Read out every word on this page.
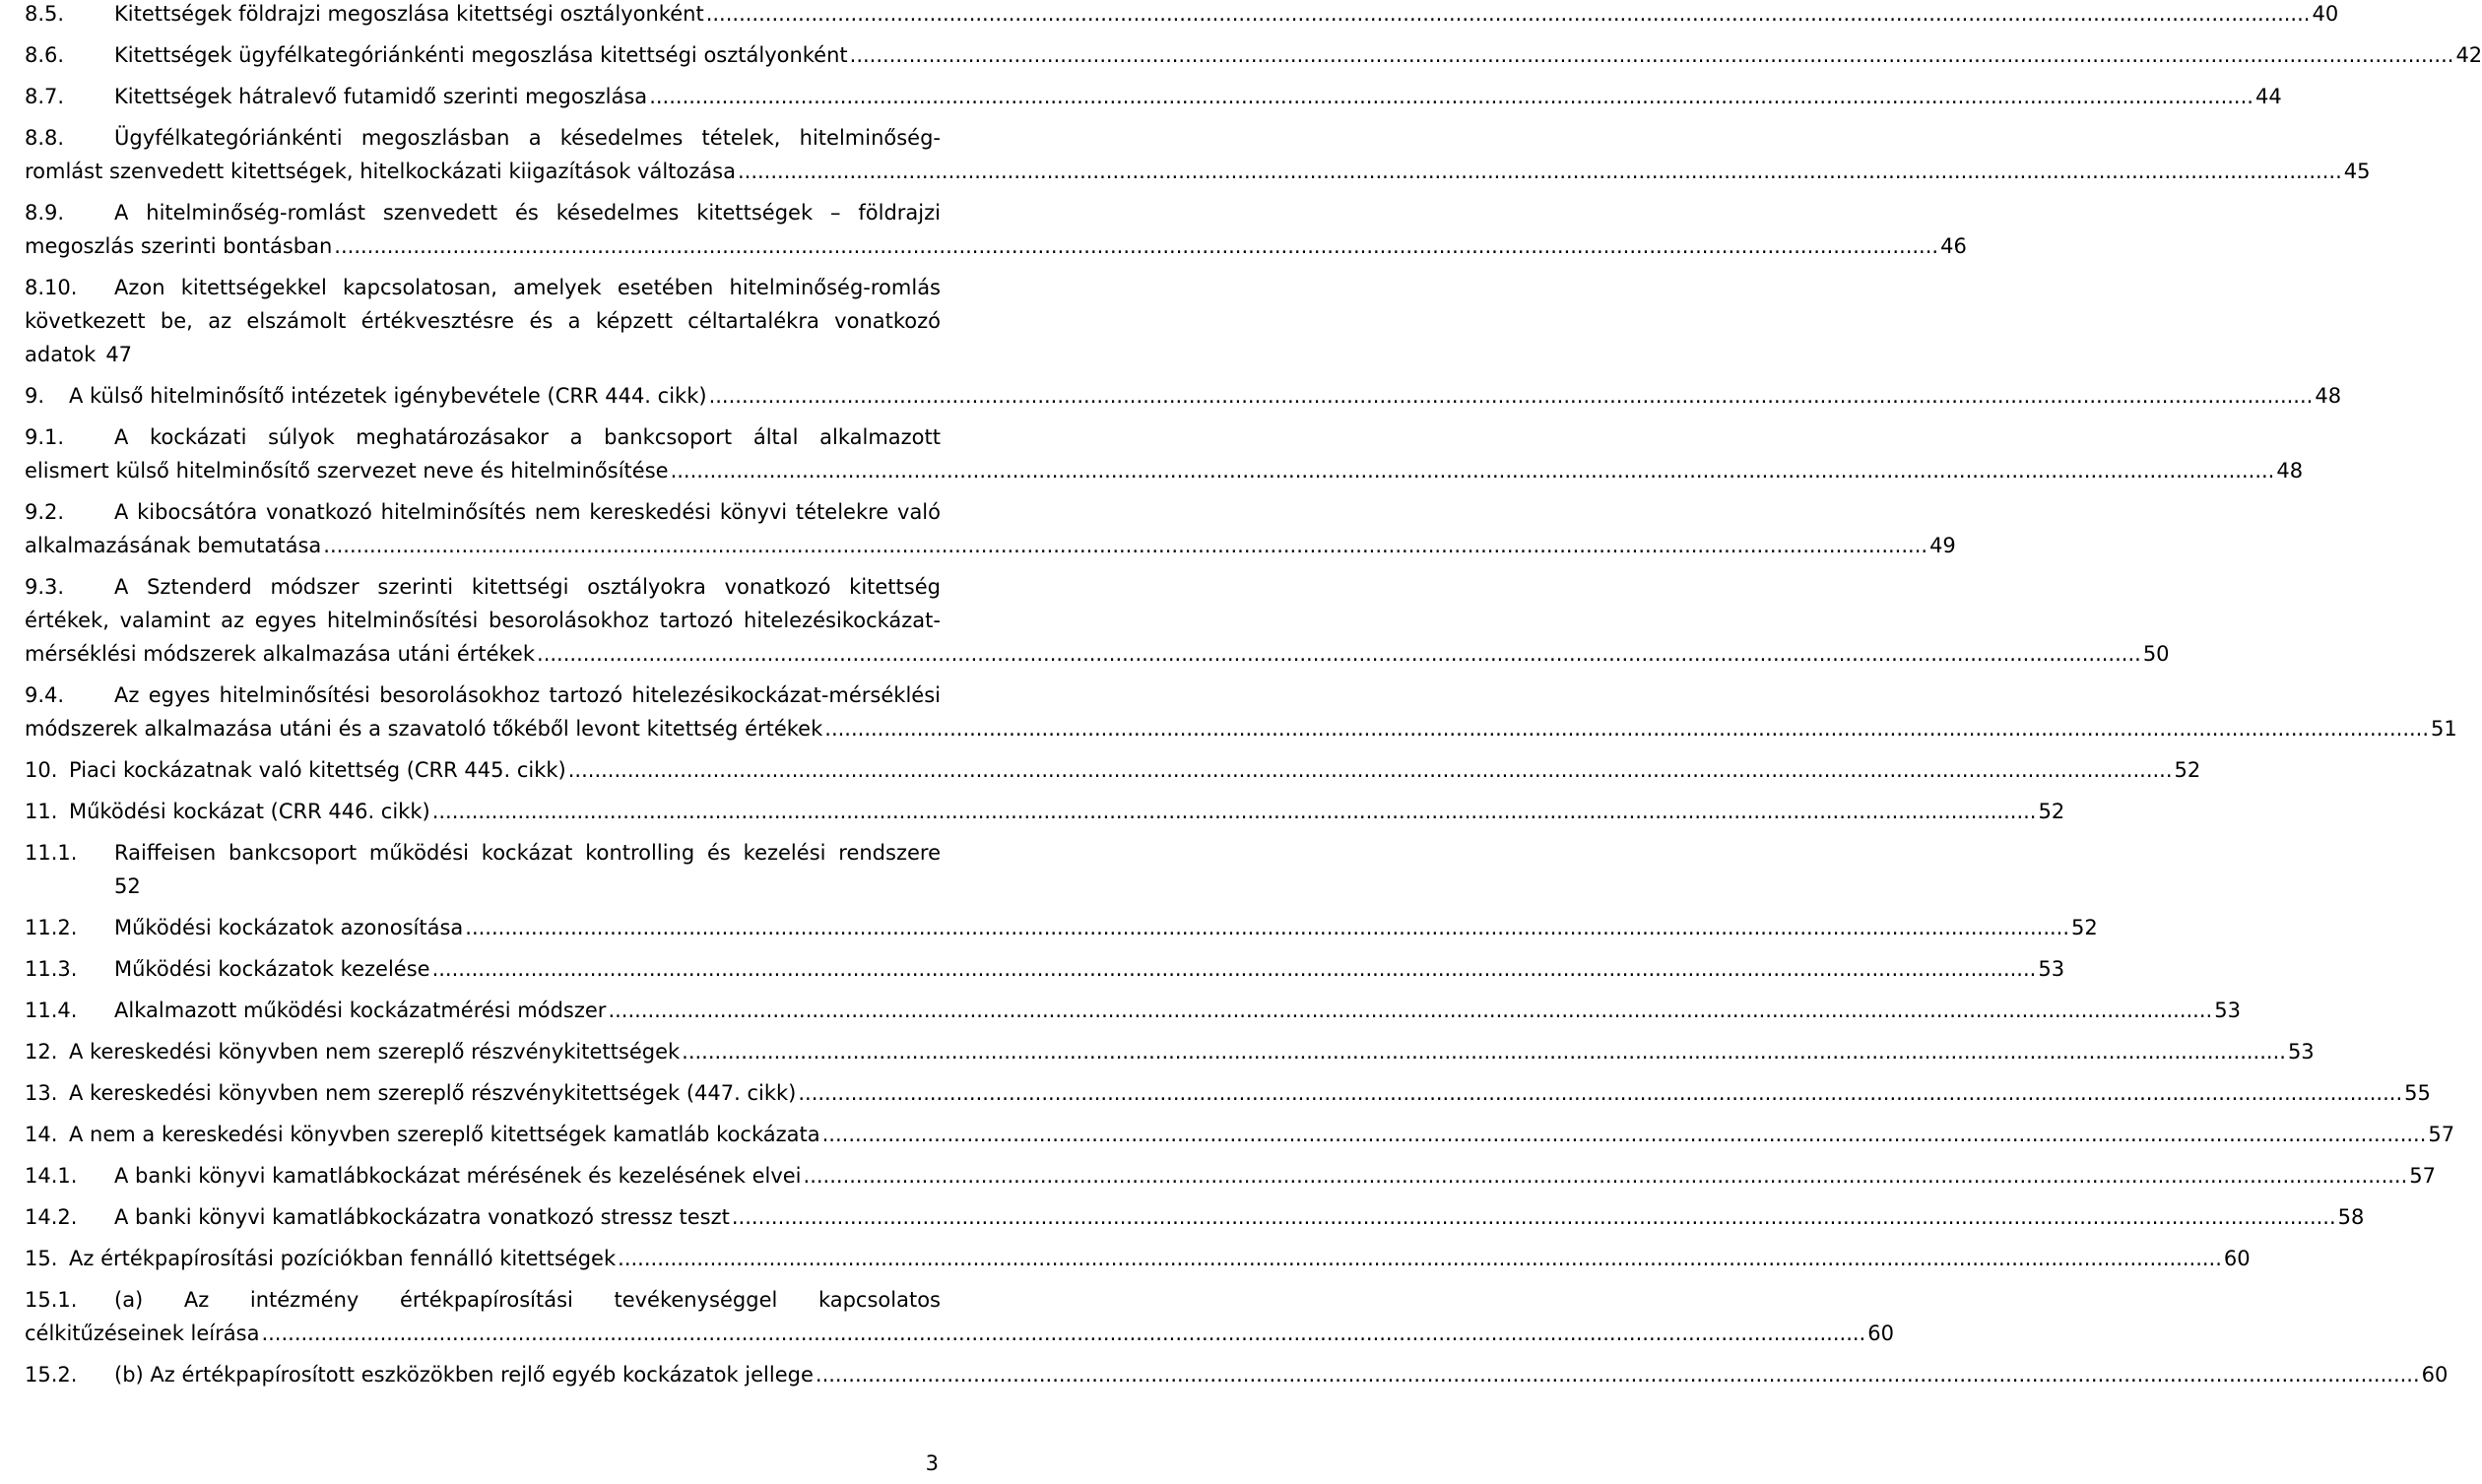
8.5.	Kitettségek földrajzi megoszlása kitettségi osztályonként .....	40
8.6.	Kitettségek ügyfélkategóriánkénti megoszlása kitettségi osztályonként .....	42
8.7.	Kitettségek hátralevő futamidő szerinti megoszlása .....	44
8.8. Ügyfélkategóriánkénti megoszlásban a késedelmes tételek, hitelminőség-
romlást szenvedett kitettségek, hitelkockázati kiigazítások változása .....	45
8.9. A hitelminőség-romlást szenvedett és késedelmes kitettségek – földrajzi
megoszlás szerinti bontásban .....	46
8.10. Azon kitettségekkel kapcsolatosan, amelyek esetében hitelminőség-romlás
következett be, az elszámolt értékvesztésre és a képzett céltartalékra vonatkozó
adatok 47
9.	A külső hitelminősítő intézetek igénybevétele (CRR 444. cikk) .....	48
9.1. A kockázati súlyok meghatározásakor a bankcsoport által alkalmazott
elismert külső hitelminősítő szervezet neve és hitelminősítése .....	48
9.2. A kibocsátóra vonatkozó hitelminősítés nem kereskedési könyvi tételekre való
alkalmazásának bemutatása .....	49
9.3. A Sztenderd módszer szerinti kitettségi osztályokra vonatkozó kitettség
értékek, valamint az egyes hitelminősítési besorolásokhoz tartozó hitelezésikockázat-
mérséklési módszerek alkalmazása utáni értékek .....	50
9.4. Az egyes hitelminősítési besorolásokhoz tartozó hitelezésikockázat-mérséklési
módszerek alkalmazása utáni és a szavatoló tőkéből levont kitettség értékek .....	51
10. Piaci kockázatnak való kitettség (CRR 445. cikk) .....	52
11. Működési kockázat (CRR 446. cikk) .....	52
11.1. Raiffeisen bankcsoport működési kockázat kontrolling és kezelési rendszere
52
11.2.	Működési kockázatok azonosítása .....	52
11.3.	Működési kockázatok kezelése .....	53
11.4.	Alkalmazott működési kockázatmérési módszer .....	53
12. A kereskedési könyvben nem szereplő részvénykitettségek .....	53
13. A kereskedési könyvben nem szereplő részvénykitettségek (447. cikk) .....	55
14. A nem a kereskedési könyvben szereplő kitettségek kamatláb kockázata .....	57
14.1.	A banki könyvi kamatlábkockázat mérésének és kezelésének elvei .....	57
14.2.	A banki könyvi kamatlábkockázatra vonatkozó stressz teszt .....	58
15. Az értékpapírosítási pozíciókban fennálló kitettségek .....	60
15.1. (a) Az intézmény értékpapírosítási tevékenységgel kapcsolatos
célkitűzéseinek leírása .....	60
15.2.	(b) Az értékpapírosított eszközökben rejlő egyéb kockázatok jellege .....	60
3
